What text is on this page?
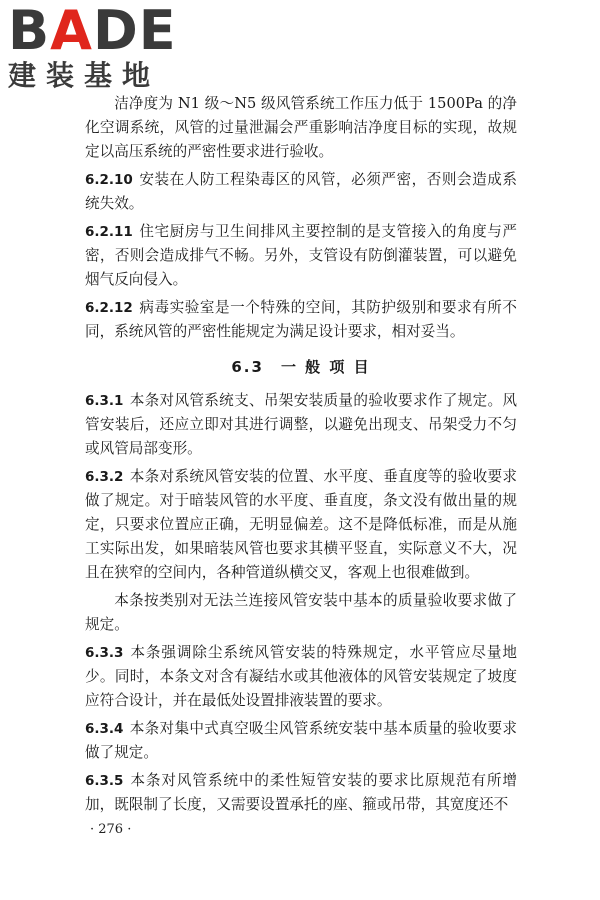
BADE
建装基地

洁净度为 N1 级～N5 级风管系统工作压力低于 1500Pa 的净化空调系统，风管的过量泄漏会严重影响洁净度目标的实现，故规定以高压系统的严密性要求进行验收。

6.2.10 安装在人防工程染毒区的风管，必须严密，否则会造成系统失效。

6.2.11 住宅厨房与卫生间排风主要控制的是支管接入的角度与严密，否则会造成排气不畅。另外，支管设有防倒灌装置，可以避免烟气反向侵入。

6.2.12 病毒实验室是一个特殊的空间，其防护级别和要求有所不同，系统风管的严密性能规定为满足设计要求，相对妥当。

6.3　一 般 项 目

6.3.1 本条对风管系统支、吊架安装质量的验收要求作了规定。风管安装后，还应立即对其进行调整，以避免出现支、吊架受力不匀或风管局部变形。

6.3.2 本条对系统风管安装的位置、水平度、垂直度等的验收要求做了规定。对于暗装风管的水平度、垂直度，条文没有做出量的规定，只要求位置应正确，无明显偏差。这不是降低标准，而是从施工实际出发，如果暗装风管也要求其横平竖直，实际意义不大，况且在狭窄的空间内，各种管道纵横交叉，客观上也很难做到。

本条按类别对无法兰连接风管安装中基本的质量验收要求做了规定。

6.3.3 本条强调除尘系统风管安装的特殊规定，水平管应尽量地少。同时，本条文对含有凝结水或其他液体的风管安装规定了坡度应符合设计，并在最低处设置排液装置的要求。

6.3.4 本条对集中式真空吸尘风管系统安装中基本质量的验收要求做了规定。

6.3.5 本条对风管系统中的柔性短管安装的要求比原规范有所增加，既限制了长度，又需要设置承托的座、箍或吊带，其宽度还不

· 276 ·
